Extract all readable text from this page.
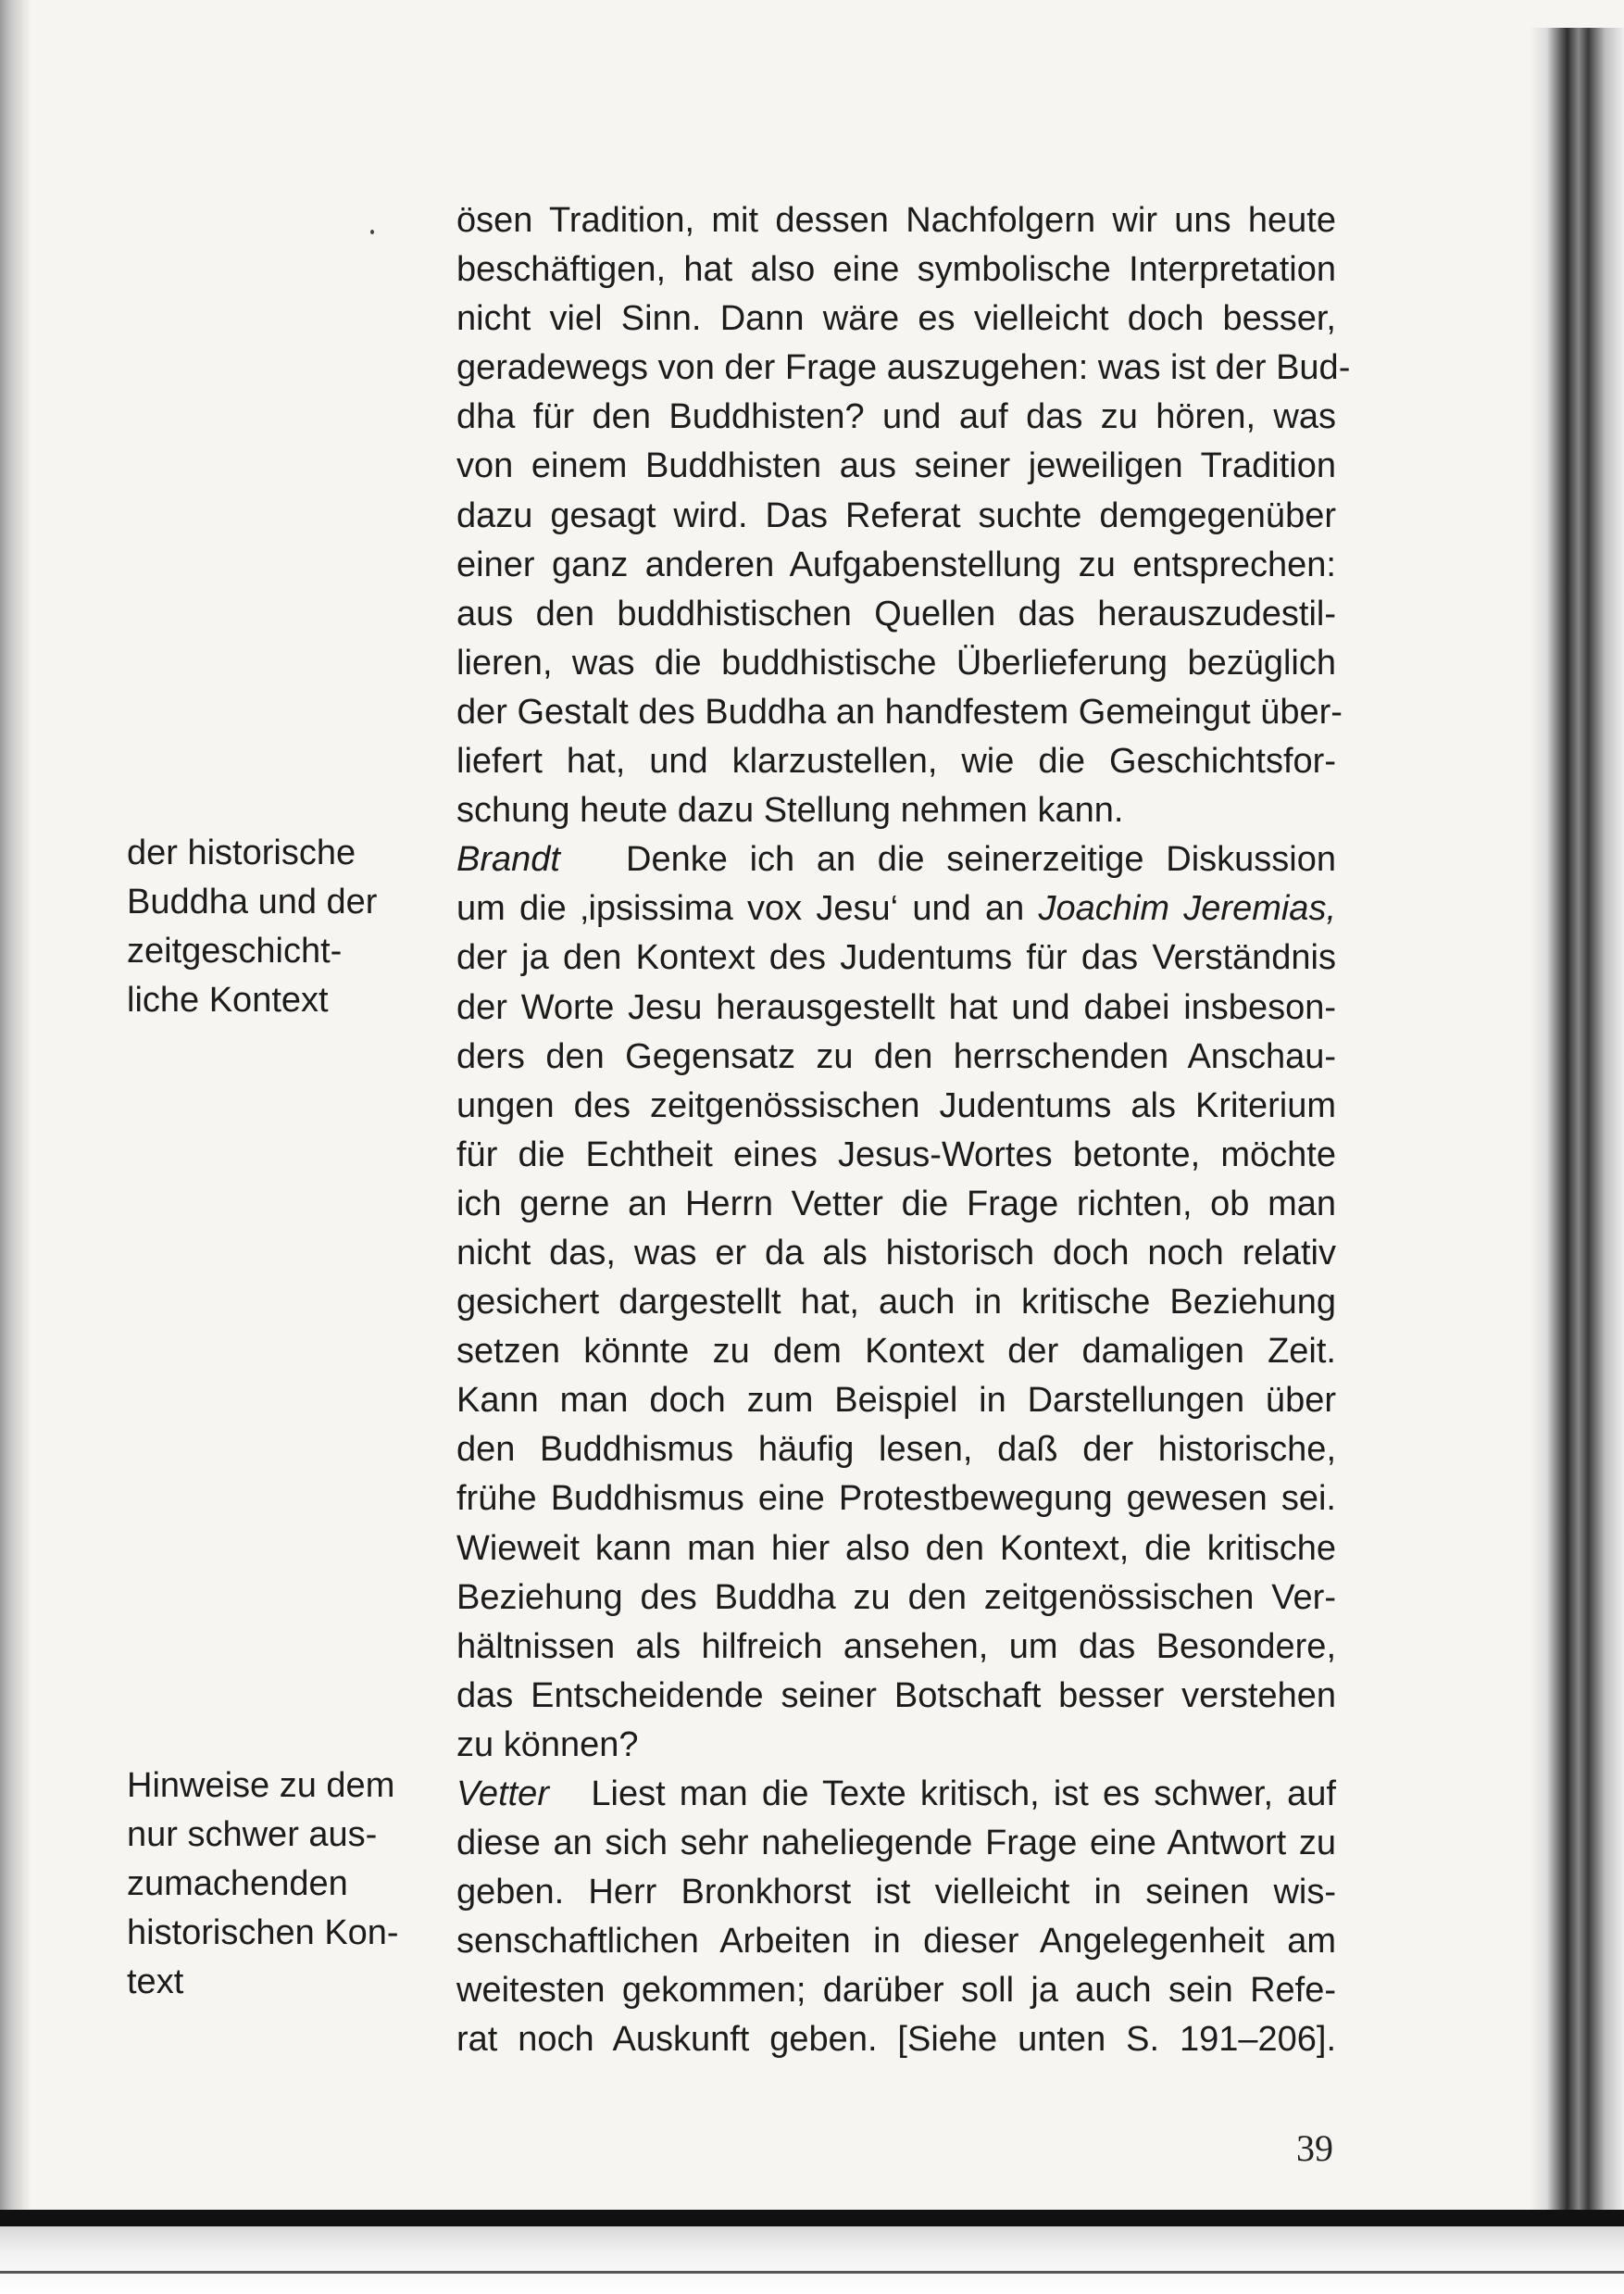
ösen Tradition, mit dessen Nachfolgern wir uns heute
beschäftigen, hat also eine symbolische Interpretation
nicht viel Sinn. Dann wäre es vielleicht doch besser,
geradewegs von der Frage auszugehen: was ist der Bud-
dha für den Buddhisten? und auf das zu hören, was
von einem Buddhisten aus seiner jeweiligen Tradition
dazu gesagt wird. Das Referat suchte demgegenüber
einer ganz anderen Aufgabenstellung zu entsprechen:
aus den buddhistischen Quellen das herauszudestil-
lieren, was die buddhistische Überlieferung bezüglich
der Gestalt des Buddha an handfestem Gemeingut über-
liefert hat, und klarzustellen, wie die Geschichtsfor-
schung heute dazu Stellung nehmen kann.
Brandt Denke ich an die seinerzeitige Diskussion
um die ‚ipsissima vox Jesu‘ und an Joachim Jeremias,
der ja den Kontext des Judentums für das Verständnis
der Worte Jesu herausgestellt hat und dabei insbeson-
ders den Gegensatz zu den herrschenden Anschau-
ungen des zeitgenössischen Judentums als Kriterium
für die Echtheit eines Jesus-Wortes betonte, möchte
ich gerne an Herrn Vetter die Frage richten, ob man
nicht das, was er da als historisch doch noch relativ
gesichert dargestellt hat, auch in kritische Beziehung
setzen könnte zu dem Kontext der damaligen Zeit.
Kann man doch zum Beispiel in Darstellungen über
den Buddhismus häufig lesen, daß der historische,
frühe Buddhismus eine Protestbewegung gewesen sei.
Wieweit kann man hier also den Kontext, die kritische
Beziehung des Buddha zu den zeitgenössischen Ver-
hältnissen als hilfreich ansehen, um das Besondere,
das Entscheidende seiner Botschaft besser verstehen
zu können?
Vetter Liest man die Texte kritisch, ist es schwer, auf
diese an sich sehr naheliegende Frage eine Antwort zu
geben. Herr Bronkhorst ist vielleicht in seinen wis-
senschaftlichen Arbeiten in dieser Angelegenheit am
weitesten gekommen; darüber soll ja auch sein Refe-
rat noch Auskunft geben. [Siehe unten S. 191–206].
der historische
Buddha und der
zeitgeschicht-
liche Kontext
Hinweise zu dem
nur schwer aus-
zumachenden
historischen Kon-
text
39
